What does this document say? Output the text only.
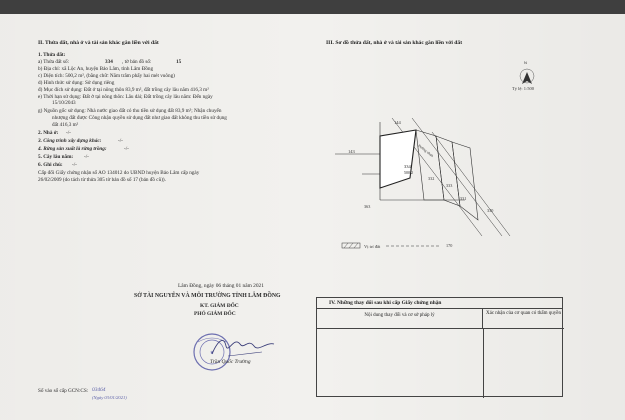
II. Thửa đất, nhà ở và tài sản khác gắn liền với đất
1. Thửa đất:
a) Thửa đất số:	334 , tờ bản đồ số:	15
b) Địa chỉ: xã Lộc An, huyện Bảo Lâm, tỉnh Lâm Đồng
c) Diện tích: 500,2 m², (bằng chữ: Năm trăm phẩy hai mét vuông)
d) Hình thức sử dụng: Sử dụng riêng
đ) Mục đích sử dụng: Đất ở tại nông thôn 83,9 m², đất trồng cây lâu năm 416,3 m²
e) Thời hạn sử dụng: Đất ở tại nông thôn: Lâu dài; Đất trồng cây lâu năm: Đến ngày
15/10/2043
g) Nguồn gốc sử dụng: Nhà nước giao đất có thu tiền sử dụng đất 83,9 m²; Nhận chuyển
nhượng đất được Công nhận quyền sử dụng đất như giao đất không thu tiền sử dụng
đất 416,3 m²
2. Nhà ở: -/-
3. Công trình xây dựng khác:	-/-
4. Rừng sản xuất là rừng trồng:	-/-
5. Cây lâu năm: -/-
6. Ghi chú: -/-
Cấp đổi Giấy chứng nhận số AO 134012 do UBND huyện Bảo Lâm cấp ngày
26/02/2009 (do tách từ thửa 305 tờ bản đồ số 17 (bản đồ cũ)).
III. Sơ đồ thửa đất, nhà ở và tài sản khác gắn liền với đất
N
Tỷ lệ: 1:500
144
143
334
500,2
332
333
331
330
363
170
Đường nhựa
Vị trí đất
Lâm Đồng, ngày 06 tháng 01 năm 2021
SỞ TÀI NGUYÊN VÀ MÔI TRƯỜNG TỈNH LÂM ĐỒNG
KT. GIÁM ĐỐC
PHÓ GIÁM ĐỐC
★
Trần Quốc Trường
Số vào sổ cấp GCN:CS: 03464
(Ngày 03/01/2021)
IV. Những thay đổi sau khi cấp Giấy chứng nhận
Nội dung thay đổi và cơ sở pháp lý	Xác nhận của cơ quan có thẩm quyền
